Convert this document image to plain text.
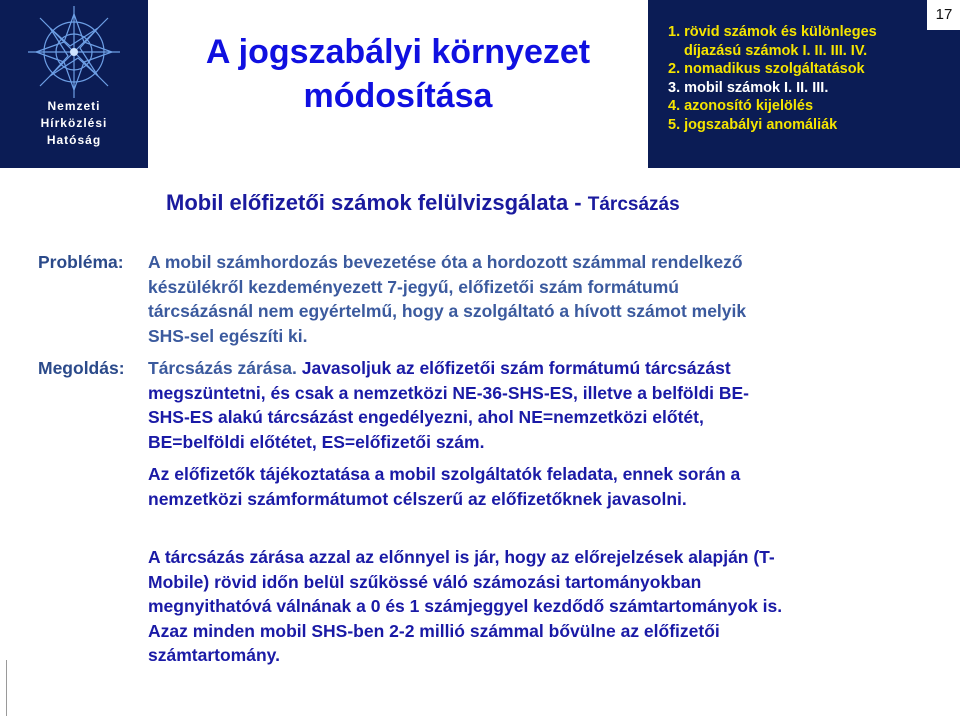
Nemzeti
Hírközlési
Hatóság
A jogszabályi környezet
módosítása
1. rövid számok és különleges
díjazású számok I. II. III. IV.
2. nomadikus szolgáltatások
3. mobil számok I. II. III.
4. azonosító kijelölés
5. jogszabályi anomáliák
17
Mobil előfizetői számok felülvizsgálata - Tárcsázás
Probléma: A mobil számhordozás bevezetése óta a hordozott számmal rendelkező
készülékről kezdeményezett 7-jegyű, előfizetői szám formátumú
tárcsázásnál nem egyértelmű, hogy a szolgáltató a hívott számot melyik
SHS-sel egészíti ki.
Megoldás: Tárcsázás zárása. Javasoljuk az előfizetői szám formátumú tárcsázást
megszüntetni, és csak a nemzetközi NE-36-SHS-ES, illetve a belföldi BE-
SHS-ES alakú tárcsázást engedélyezni, ahol NE=nemzetközi előtét,
BE=belföldi előtétet, ES=előfizetői szám.
Az előfizetők tájékoztatása a mobil szolgáltatók feladata, ennek során a
nemzetközi számformátumot célszerű az előfizetőknek javasolni.
A tárcsázás zárása azzal az előnnyel is jár, hogy az előrejelzések alapján (T-
Mobile) rövid időn belül szűkössé váló számozási tartományokban
megnyithatóvá válnának a 0 és 1 számjeggyel kezdődő számtartományok is.
Azaz minden mobil SHS-ben 2-2 millió számmal bővülne az előfizetői
számtartomány.
